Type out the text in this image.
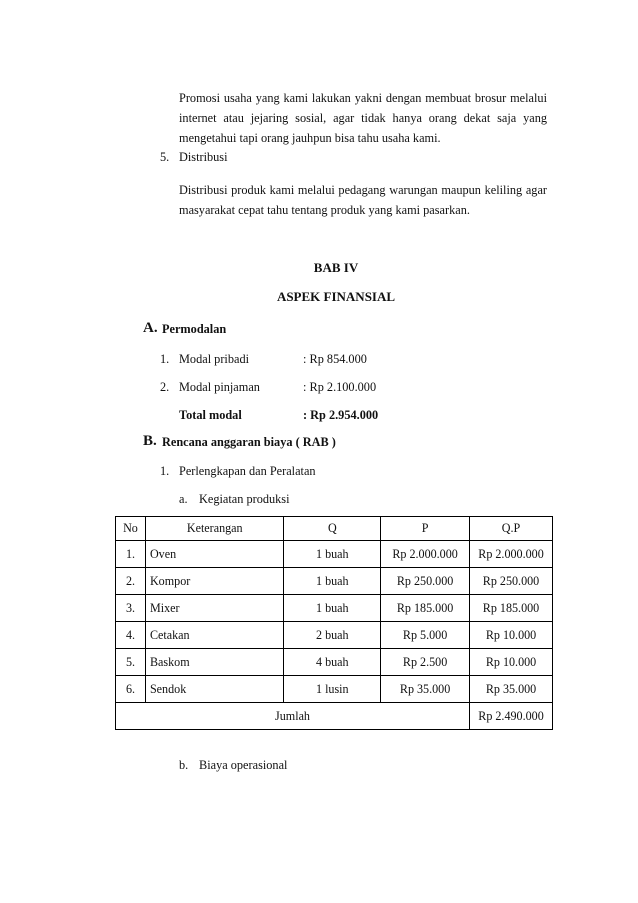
Promosi usaha yang kami lakukan yakni dengan membuat brosur melalui internet atau jejaring sosial, agar tidak hanya orang dekat saja yang mengetahui tapi orang jauhpun bisa tahu usaha kami.
5. Distribusi
Distribusi produk kami melalui pedagang warungan maupun keliling agar masyarakat cepat tahu tentang produk yang kami pasarkan.
BAB IV
ASPEK FINANSIAL
A. Permodalan
1. Modal pribadi	: Rp 854.000
2. Modal pinjaman	: Rp 2.100.000
Total modal	: Rp 2.954.000
B. Rencana anggaran biaya ( RAB )
1. Perlengkapan dan Peralatan
a. Kegiatan produksi
No	Keterangan	Q	P	Q.P
1.	Oven	1 buah	Rp 2.000.000	Rp 2.000.000
2.	Kompor	1 buah	Rp 250.000	Rp 250.000
3.	Mixer	1 buah	Rp 185.000	Rp 185.000
4.	Cetakan	2 buah	Rp 5.000	Rp 10.000
5.	Baskom	4 buah	Rp 2.500	Rp 10.000
6.	Sendok	1 lusin	Rp 35.000	Rp 35.000
Jumlah				Rp 2.490.000
b. Biaya operasional
